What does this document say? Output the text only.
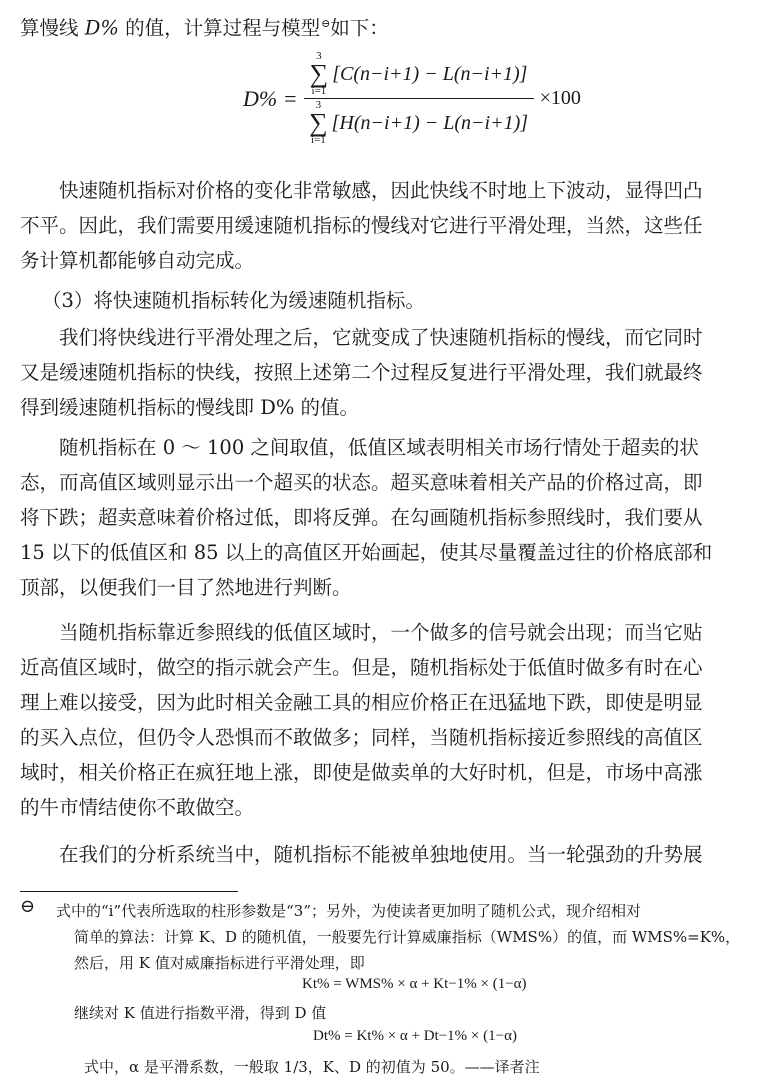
算慢线 D% 的值，计算过程与模型⊖如下：

D% =
3
∑
i=1
[C(n−i+1) − L(n−i+1)]
3
∑
i=1
[H(n−i+1) − L(n−i+1)]
×100

快速随机指标对价格的变化非常敏感，因此快线不时地上下波动，显得凹凸
不平。因此，我们需要用缓速随机指标的慢线对它进行平滑处理，当然，这些任
务计算机都能够自动完成。

（3）将快速随机指标转化为缓速随机指标。

我们将快线进行平滑处理之后，它就变成了快速随机指标的慢线，而它同时
又是缓速随机指标的快线，按照上述第二个过程反复进行平滑处理，我们就最终
得到缓速随机指标的慢线即 D% 的值。

随机指标在 0 ～ 100 之间取值，低值区域表明相关市场行情处于超卖的状
态，而高值区域则显示出一个超买的状态。超买意味着相关产品的价格过高，即
将下跌；超卖意味着价格过低，即将反弹。在勾画随机指标参照线时，我们要从
15 以下的低值区和 85 以上的高值区开始画起，使其尽量覆盖过往的价格底部和
顶部，以便我们一目了然地进行判断。

当随机指标靠近参照线的低值区域时，一个做多的信号就会出现；而当它贴
近高值区域时，做空的指示就会产生。但是，随机指标处于低值时做多有时在心
理上难以接受，因为此时相关金融工具的相应价格正在迅猛地下跌，即使是明显
的买入点位，但仍令人恐惧而不敢做多；同样，当随机指标接近参照线的高值区
域时，相关价格正在疯狂地上涨，即使是做卖单的大好时机，但是，市场中高涨
的牛市情结使你不敢做空。

在我们的分析系统当中，随机指标不能被单独地使用。当一轮强劲的升势展

⊖	式中的“i”代表所选取的柱形参数是“3”；另外，为使读者更加明了随机公式，现介绍相对
简单的算法：计算 K、D 的随机值，一般要先行计算威廉指标（WMS%）的值，而 WMS%=K%，
然后，用 K 值对威廉指标进行平滑处理，即
Kt% = WMS% × α + Kt−1% × (1−α)
继续对 K 值进行指数平滑，得到 D 值
Dt% = Kt% × α + Dt−1% × (1−α)
式中，α 是平滑系数，一般取 1/3，K、D 的初值为 50。——译者注
